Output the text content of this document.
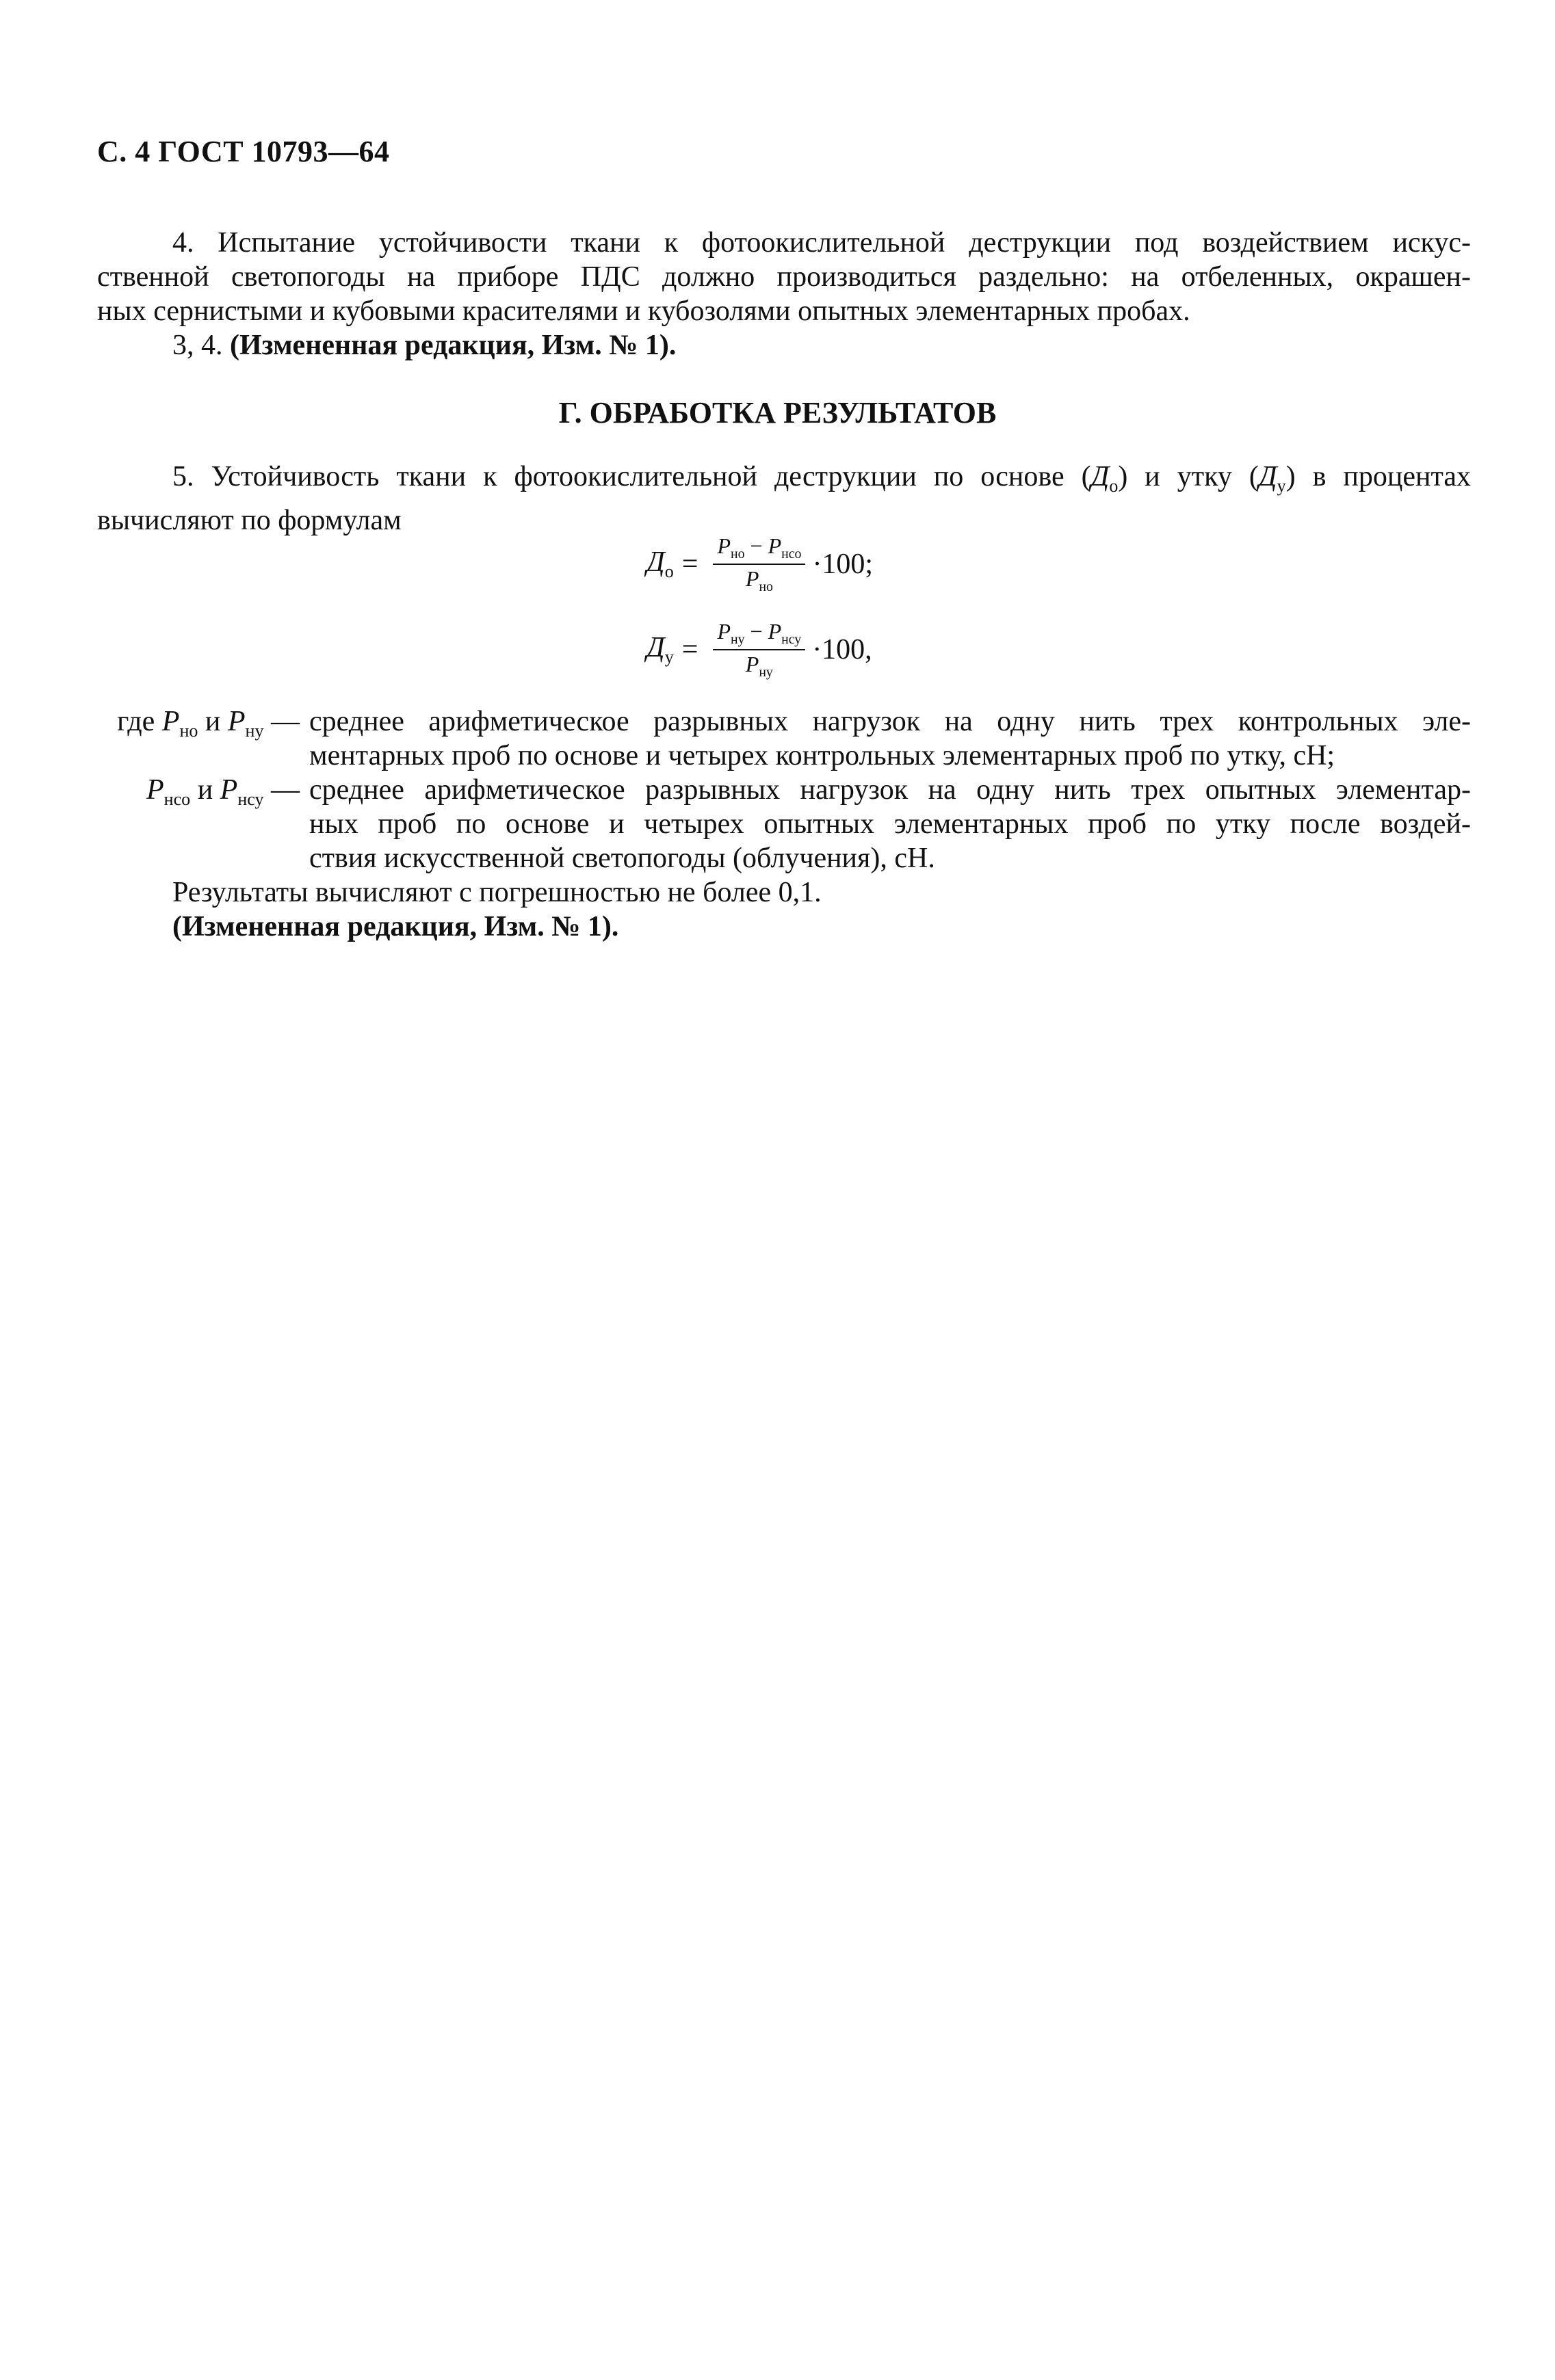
С. 4 ГОСТ 10793—64
4. Испытание устойчивости ткани к фотоокислительной деструкции под воздействием искус-
ственной светопогоды на приборе ПДС должно производиться раздельно: на отбеленных, окрашен-
ных сернистыми и кубовыми красителями и кубозолями опытных элементарных пробах.
3, 4. (Измененная редакция, Изм. № 1).
Г. ОБРАБОТКА РЕЗУЛЬТАТОВ
5. Устойчивость ткани к фотоокислительной деструкции по основе $(Д_о)$ и утку $(Д_у)$ в процентах
вычисляют по формулам
$Д_о = \frac{P_{но} - P_{нсо}}{P_{но}} \cdot 100$;
$Д_у = \frac{P_{ну} - P_{нсу}}{P_{ну}} \cdot 100$,
где $P_{но}$ и $P_{ну}$ — среднее арифметическое разрывных нагрузок на одну нить трех контрольных эле-
ментарных проб по основе и четырех контрольных элементарных проб по утку, сН;
$P_{нсо}$ и $P_{нсу}$ — среднее арифметическое разрывных нагрузок на одну нить трех опытных элементар-
ных проб по основе и четырех опытных элементарных проб по утку после воздей-
ствия искусственной светопогоды (облучения), сН.
Результаты вычисляют с погрешностью не более 0,1.
(Измененная редакция, Изм. № 1).
